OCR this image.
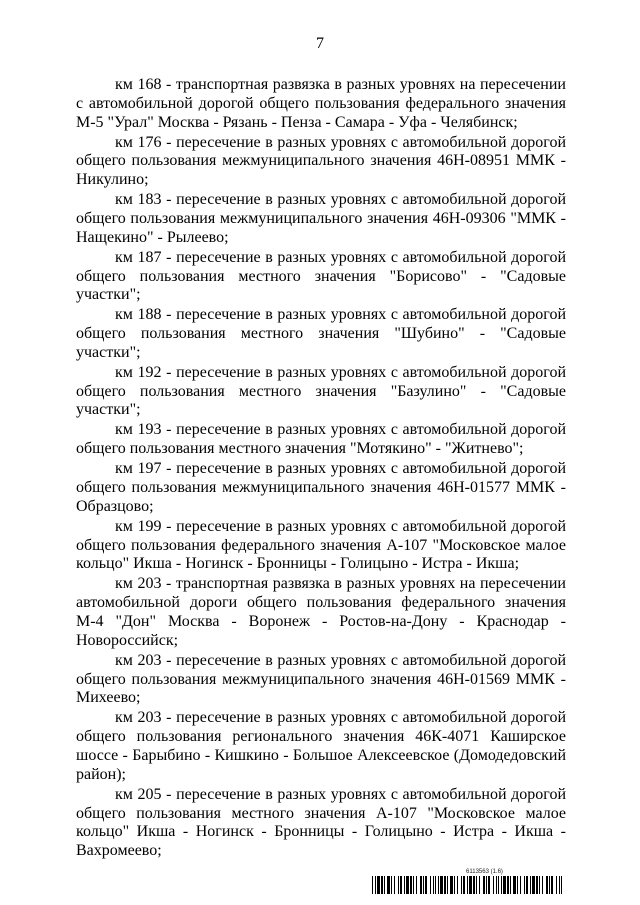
7

км 168 - транспортная развязка в разных уровнях на пересечении с автомобильной дорогой общего пользования федерального значения М-5 "Урал" Москва - Рязань - Пенза - Самара - Уфа - Челябинск;

км 176 - пересечение в разных уровнях с автомобильной дорогой общего пользования межмуниципального значения 46Н-08951 ММК - Никулино;

км 183 - пересечение в разных уровнях с автомобильной дорогой общего пользования межмуниципального значения 46Н-09306 "ММК - Нащекино" - Рылеево;

км 187 - пересечение в разных уровнях с автомобильной дорогой общего пользования местного значения "Борисово" - "Садовые участки";

км 188 - пересечение в разных уровнях с автомобильной дорогой общего пользования местного значения "Шубино" - "Садовые участки";

км 192 - пересечение в разных уровнях с автомобильной дорогой общего пользования местного значения "Базулино" - "Садовые участки";

км 193 - пересечение в разных уровнях с автомобильной дорогой общего пользования местного значения "Мотякино" - "Житнево";

км 197 - пересечение в разных уровнях с автомобильной дорогой общего пользования межмуниципального значения 46Н-01577 ММК - Образцово;

км 199 - пересечение в разных уровнях с автомобильной дорогой общего пользования федерального значения А-107 "Московское малое кольцо" Икша - Ногинск - Бронницы - Голицыно - Истра - Икша;

км 203 - транспортная развязка в разных уровнях на пересечении автомобильной дороги общего пользования федерального значения М-4 "Дон" Москва - Воронеж - Ростов-на-Дону - Краснодар - Новороссийск;

км 203 - пересечение в разных уровнях с автомобильной дорогой общего пользования межмуниципального значения 46Н-01569 ММК - Михеево;

км 203 - пересечение в разных уровнях с автомобильной дорогой общего пользования регионального значения 46К-4071 Каширское шоссе - Барыбино - Кишкино - Большое Алексеевское (Домодедовский район);

км 205 - пересечение в разных уровнях с автомобильной дорогой общего пользования местного значения А-107 "Московское малое кольцо" Икша - Ногинск - Бронницы - Голицыно - Истра - Икша - Вахромеево;

6113563 (1.6)
